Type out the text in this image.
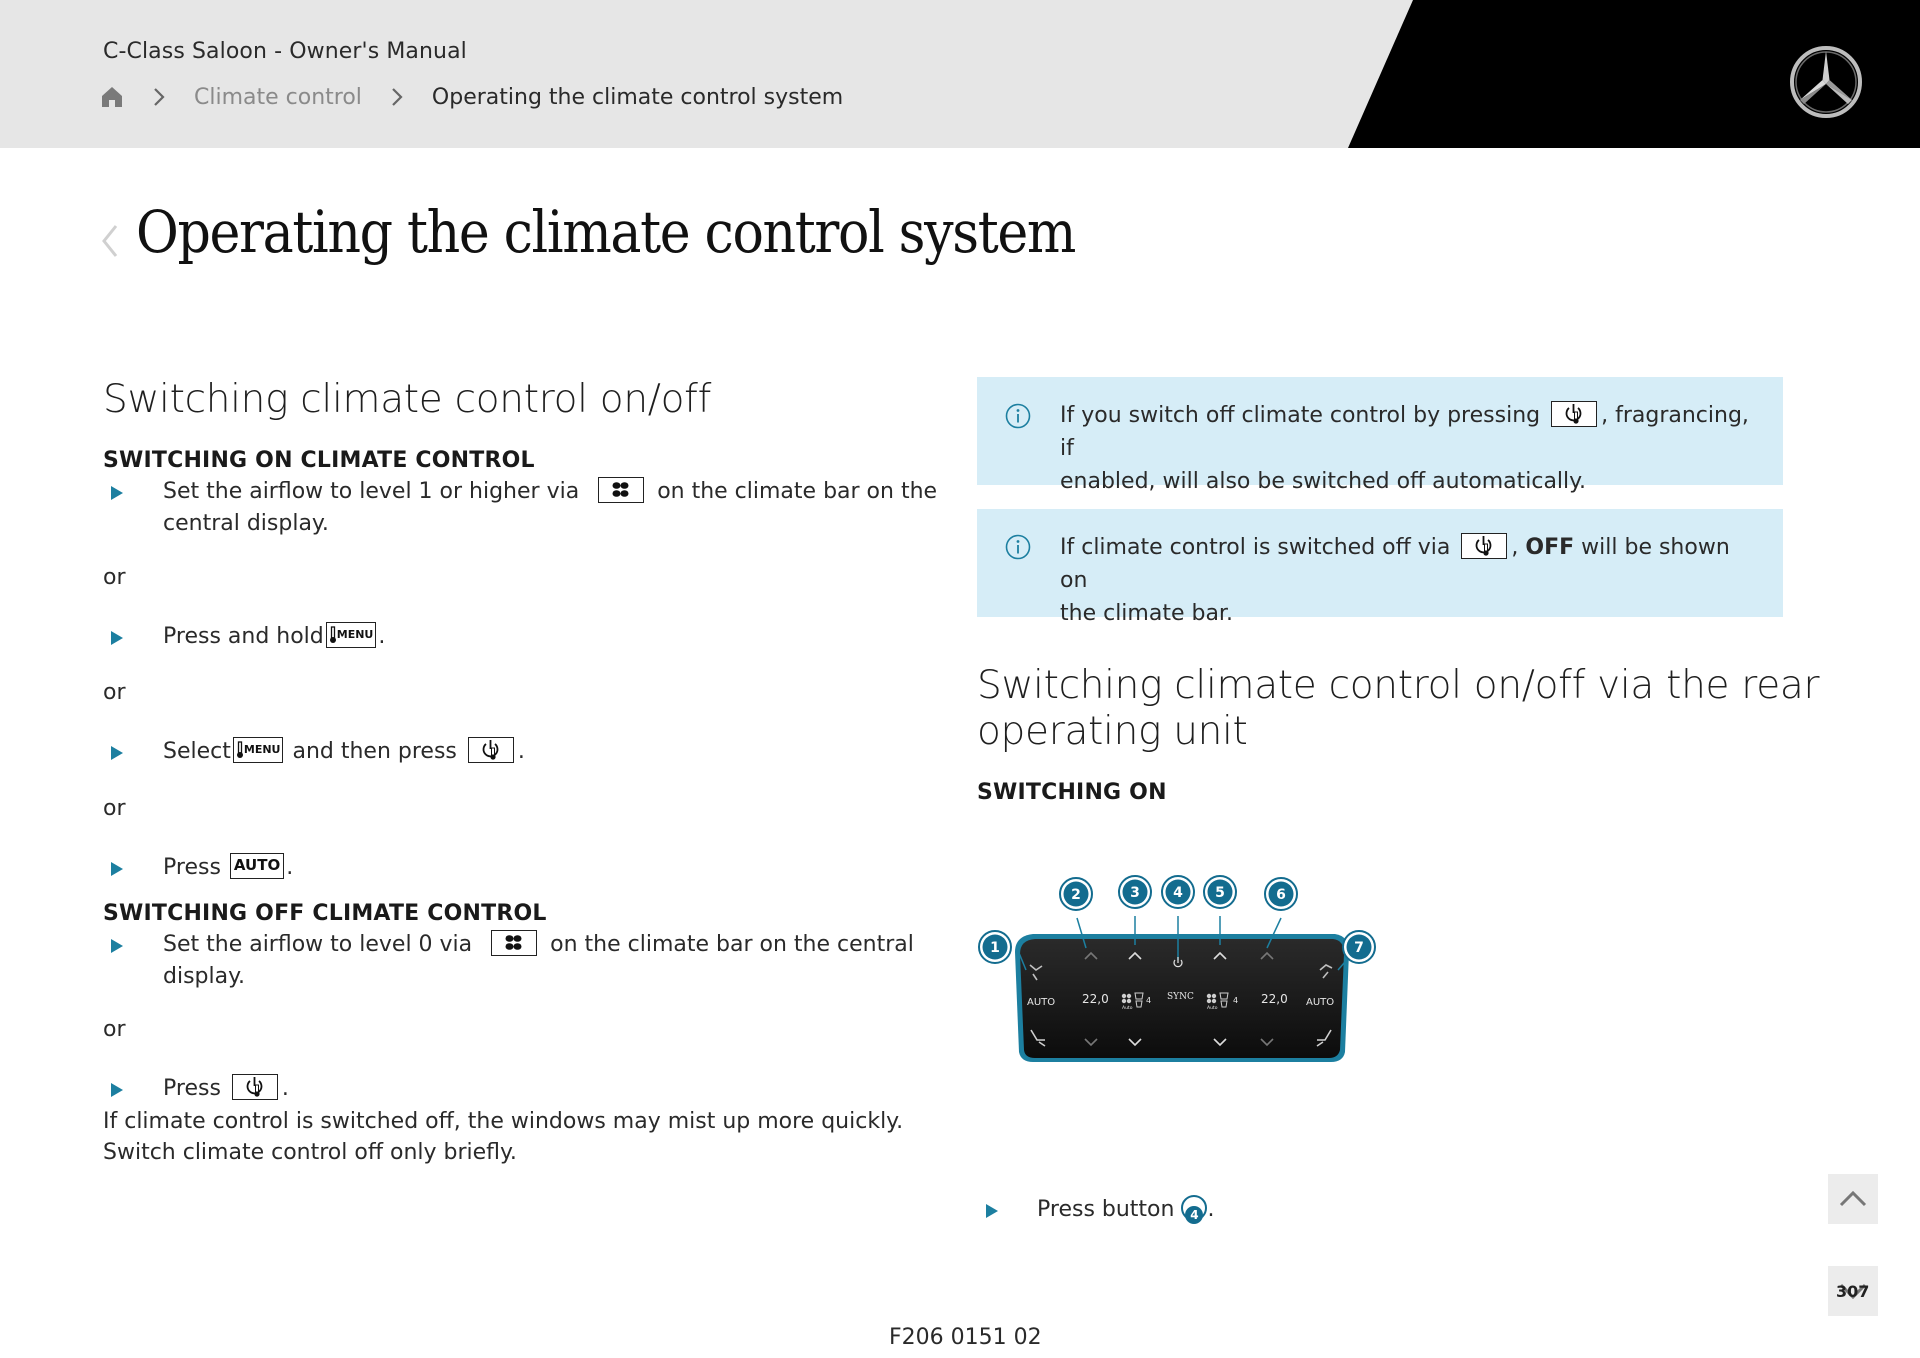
C-Class Saloon - Owner's Manual
Climate control	Operating the climate control system
Operating the climate control system
Switching climate control on/off
SWITCHING ON CLIMATE CONTROL
Set the airflow to level 1 or higher via	on the climate bar on the
central display.
or
Press and hold MENU .
or
Select MENU and then press	.
or
Press AUTO .
SWITCHING OFF CLIMATE CONTROL
Set the airflow to level 0 via	on the climate bar on the central
display.
or
Press	.
If climate control is switched off, the windows may mist up more quickly.
Switch climate control off only briefly.
If you switch off climate control by pressing	, fragrancing, if
enabled, will also be switched off automatically.
If climate control is switched off via	, OFF will be shown on
the climate bar.
Switching climate control on/off via the rear
operating unit
SWITCHING ON
AUTO 22,0	SYNC	22,0 AUTO
4	4
Auto	Auto
1
2	3 4 5	6
7
Press button 4 .
307
F206 0151 02
